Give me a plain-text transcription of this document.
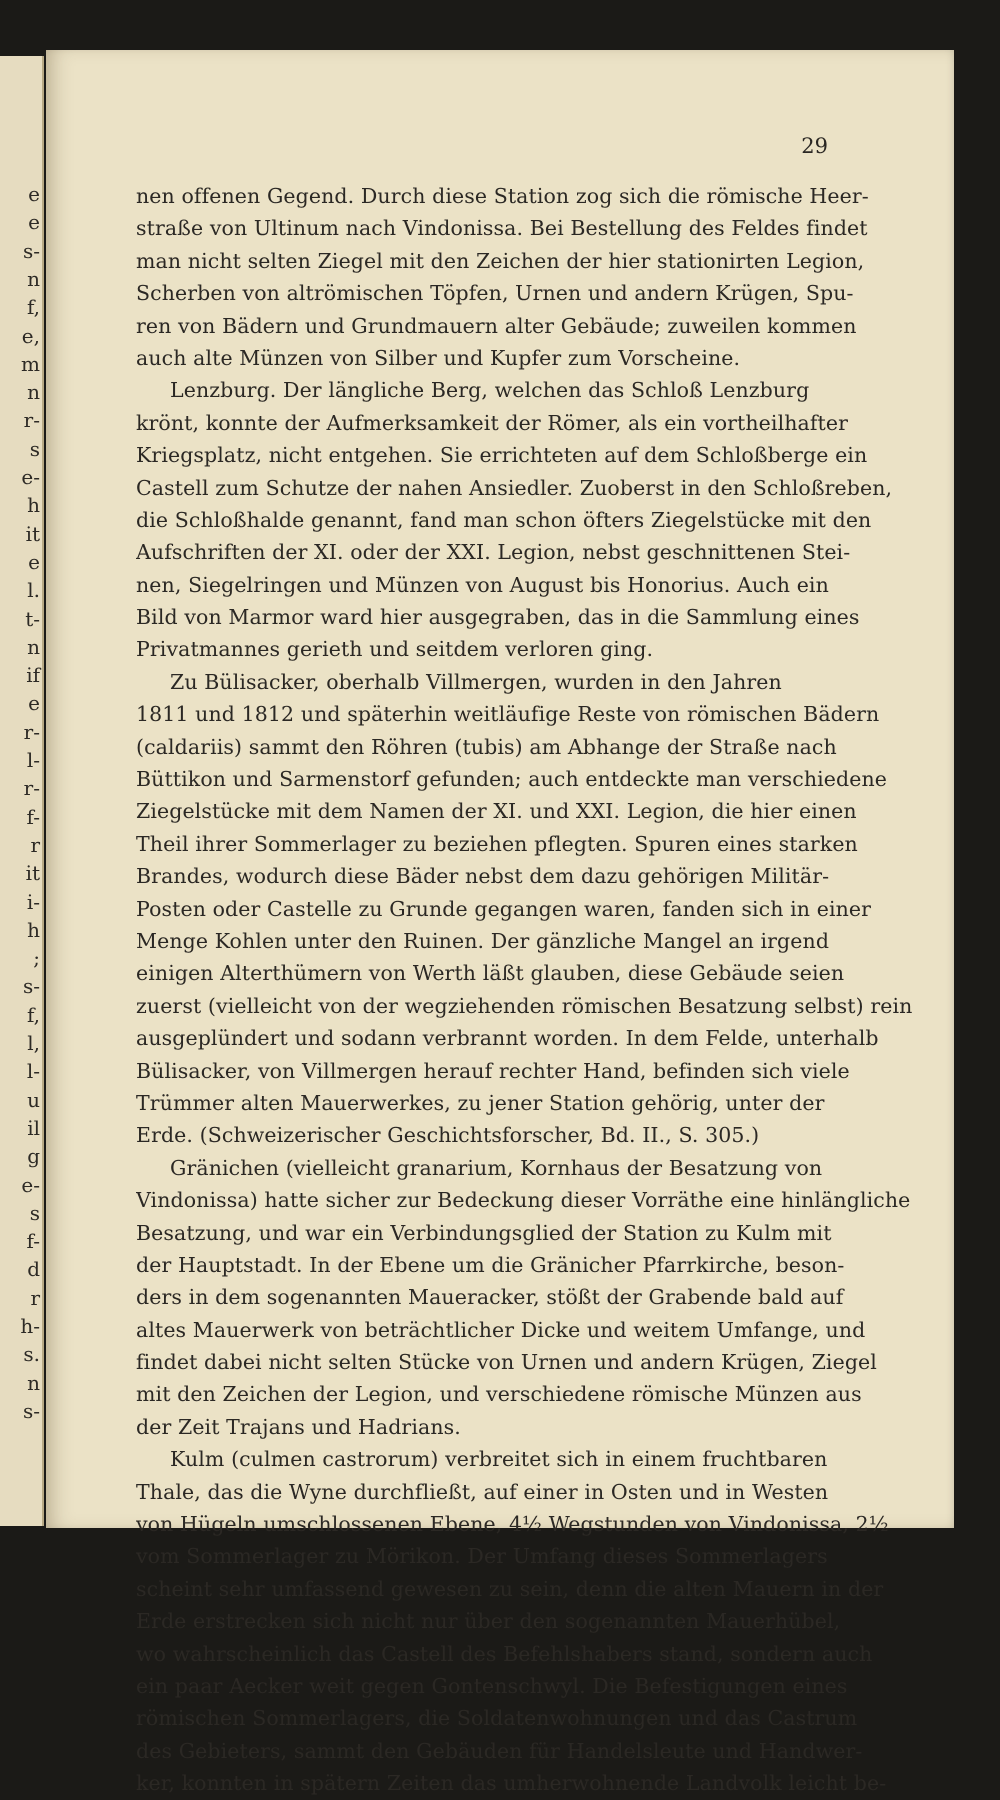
e
e
s-
n
f,
e,
m
n
r-
s
e-
h
it
e
l.
t-
n
if
e
r-
l-
r-
f-
r
it
i-
h
;
s-
f,
l,
l-
u
il
g
e-
s
f-
d
r
h-
s.
n
s-
29
nen offenen Gegend. Durch diese Station zog sich die römische Heer-
straße von Ultinum nach Vindonissa. Bei Bestellung des Feldes findet
man nicht selten Ziegel mit den Zeichen der hier stationirten Legion,
Scherben von altrömischen Töpfen, Urnen und andern Krügen, Spu-
ren von Bädern und Grundmauern alter Gebäude; zuweilen kommen
auch alte Münzen von Silber und Kupfer zum Vorscheine.
Lenzburg. Der längliche Berg, welchen das Schloß Lenzburg
krönt, konnte der Aufmerksamkeit der Römer, als ein vortheilhafter
Kriegsplatz, nicht entgehen. Sie errichteten auf dem Schloßberge ein
Castell zum Schutze der nahen Ansiedler. Zuoberst in den Schloßreben,
die Schloßhalde genannt, fand man schon öfters Ziegelstücke mit den
Aufschriften der XI. oder der XXI. Legion, nebst geschnittenen Stei-
nen, Siegelringen und Münzen von August bis Honorius. Auch ein
Bild von Marmor ward hier ausgegraben, das in die Sammlung eines
Privatmannes gerieth und seitdem verloren ging.
Zu Bülisacker, oberhalb Villmergen, wurden in den Jahren
1811 und 1812 und späterhin weitläufige Reste von römischen Bädern
(caldariis) sammt den Röhren (tubis) am Abhange der Straße nach
Büttikon und Sarmenstorf gefunden; auch entdeckte man verschiedene
Ziegelstücke mit dem Namen der XI. und XXI. Legion, die hier einen
Theil ihrer Sommerlager zu beziehen pflegten. Spuren eines starken
Brandes, wodurch diese Bäder nebst dem dazu gehörigen Militär-
Posten oder Castelle zu Grunde gegangen waren, fanden sich in einer
Menge Kohlen unter den Ruinen. Der gänzliche Mangel an irgend
einigen Alterthümern von Werth läßt glauben, diese Gebäude seien
zuerst (vielleicht von der wegziehenden römischen Besatzung selbst) rein
ausgeplündert und sodann verbrannt worden. In dem Felde, unterhalb
Bülisacker, von Villmergen herauf rechter Hand, befinden sich viele
Trümmer alten Mauerwerkes, zu jener Station gehörig, unter der
Erde. (Schweizerischer Geschichtsforscher, Bd. II., S. 305.)
Gränichen (vielleicht granarium, Kornhaus der Besatzung von
Vindonissa) hatte sicher zur Bedeckung dieser Vorräthe eine hinlängliche
Besatzung, und war ein Verbindungsglied der Station zu Kulm mit
der Hauptstadt. In der Ebene um die Gränicher Pfarrkirche, beson-
ders in dem sogenannten Maueracker, stößt der Grabende bald auf
altes Mauerwerk von beträchtlicher Dicke und weitem Umfange, und
findet dabei nicht selten Stücke von Urnen und andern Krügen, Ziegel
mit den Zeichen der Legion, und verschiedene römische Münzen aus
der Zeit Trajans und Hadrians.
Kulm (culmen castrorum) verbreitet sich in einem fruchtbaren
Thale, das die Wyne durchfließt, auf einer in Osten und in Westen
von Hügeln umschlossenen Ebene, 4½ Wegstunden von Vindonissa, 2½
vom Sommerlager zu Mörikon. Der Umfang dieses Sommerlagers
scheint sehr umfassend gewesen zu sein, denn die alten Mauern in der
Erde erstrecken sich nicht nur über den sogenannten Mauerhübel,
wo wahrscheinlich das Castell des Befehlshabers stand, sondern auch
ein paar Aecker weit gegen Gontenschwyl. Die Befestigungen eines
römischen Sommerlagers, die Soldatenwohnungen und das Castrum
des Gebieters, sammt den Gebäuden für Handelsleute und Handwer-
ker, konnten in spätern Zeiten das umherwohnende Landvolk leicht be-
